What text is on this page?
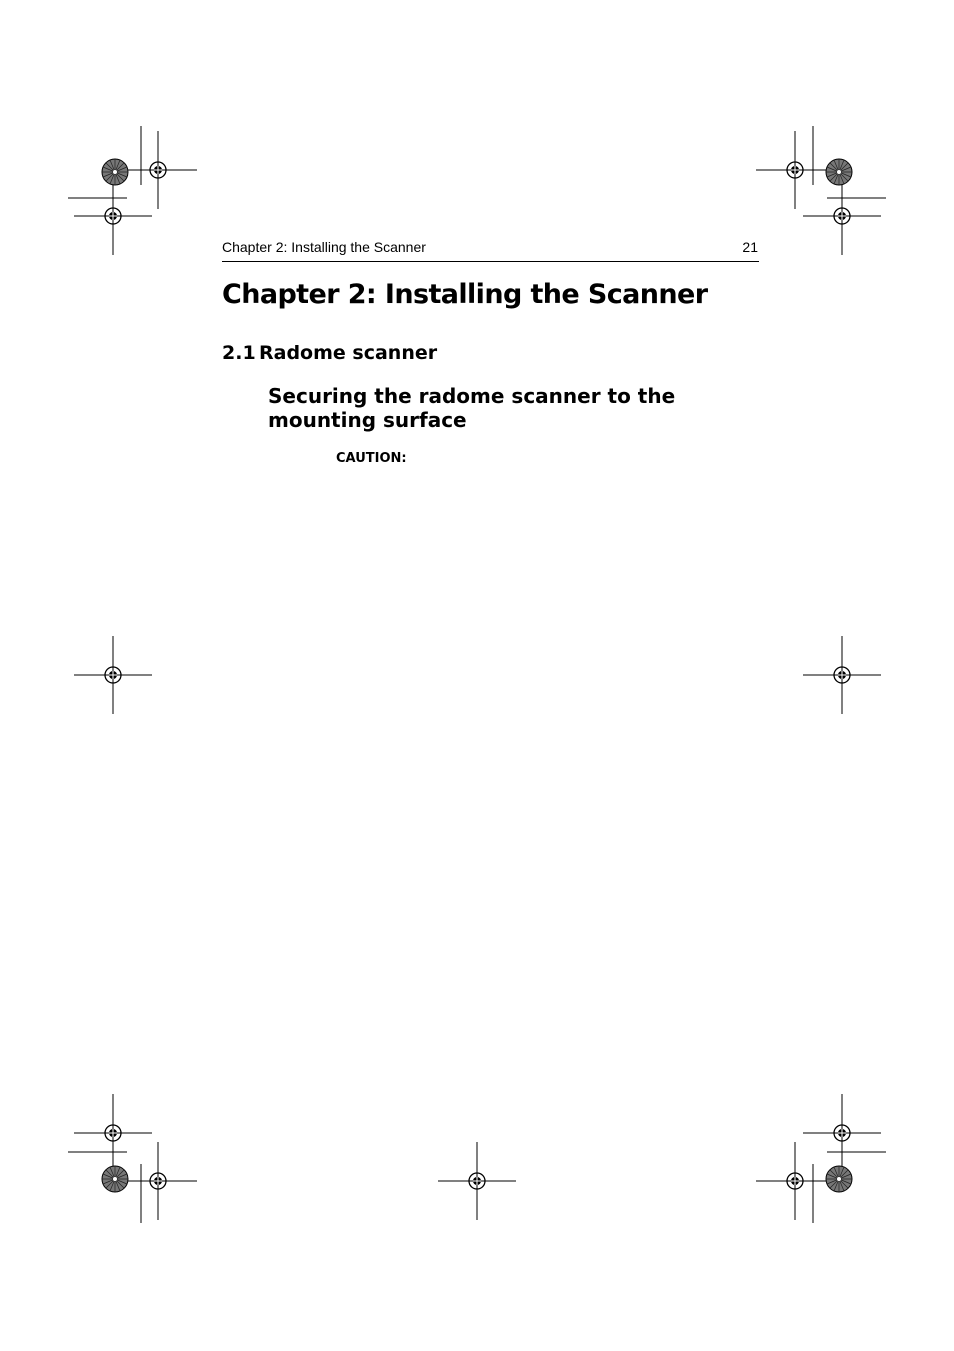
Chapter 2: Installing the Scanner	21
Chapter 2: Installing the Scanner
2.1 Radome scanner
Securing the radome scanner to the mounting surface
CAUTION:
